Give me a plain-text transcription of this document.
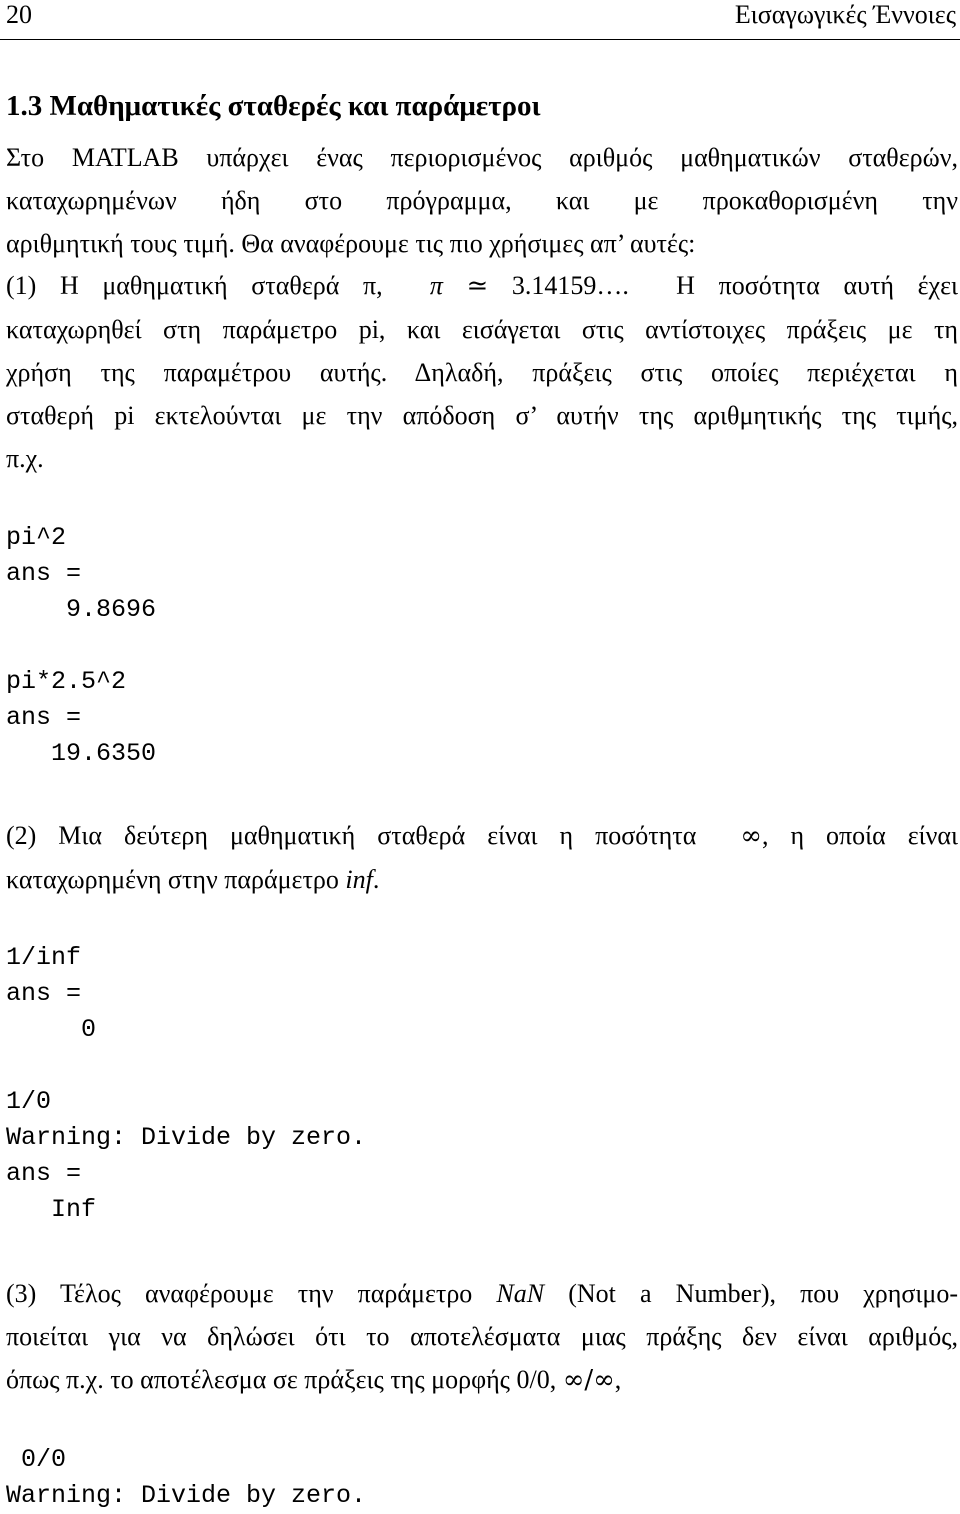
20	Εισαγωγικές Έννοιες
1.3 Μαθηματικές σταθερές και παράμετροι
Στο MATLAB υπάρχει ένας περιορισμένος αριθμός μαθηματικών σταθερών,
καταχωρημένων ήδη στο πρόγραμμα, και με προκαθορισμένη την
αριθμητική τους τιμή. Θα αναφέρουμε τις πιο χρήσιμες απ’ αυτές:
(1) Η μαθηματική σταθερά π, π ≃ 3.14159…. Η ποσότητα αυτή έχει
καταχωρηθεί στη παράμετρο pi, και εισάγεται στις αντίστοιχες πράξεις με τη
χρήση της παραμέτρου αυτής. Δηλαδή, πράξεις στις οποίες περιέχεται η
σταθερή pi εκτελούνται με την απόδοση σ’ αυτήν της αριθμητικής της τιμής,
π.χ.
pi^2
ans =
9.8696

pi*2.5^2
ans =
19.6350
(2) Μια δεύτερη μαθηματική σταθερά είναι η ποσότητα ∞, η οποία είναι
καταχωρημένη στην παράμετρο inf.
1/inf
ans =
0

1/0
Warning: Divide by zero.
ans =
Inf
(3) Τέλος αναφέρουμε την παράμετρο NaN (Not a Number), που χρησιμο-
ποιείται για να δηλώσει ότι το αποτελέσματα μιας πράξης δεν είναι αριθμός,
όπως π.χ. το αποτέλεσμα σε πράξεις της μορφής 0/0, ∞/∞,
0/0
Warning: Divide by zero.
